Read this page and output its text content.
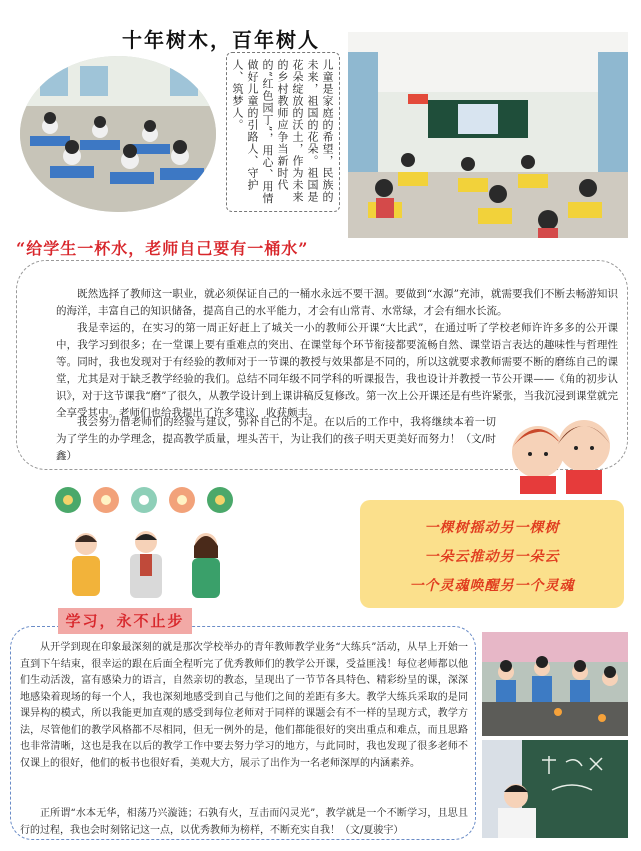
十年树木，百年树人
儿童是家庭的希望，民族的未来，祖国的花朵。祖国是花朵绽放的沃土，作为未来的乡村教师应争当新时代的“红色园丁”，用心、用情做好儿童的引路人、守护人、筑梦人。
“给学生一杯水，老师自己要有一桶水”

既然选择了教师这一职业，就必须保证自己的一桶水永远不要干涸。要做到“水源”充沛，就需要我们不断去畅游知识的海洋，丰富自己的知识储备，提高自己的水平能力，才会有山常青、水常绿，才会有细水长流。

我是幸运的，在实习的第一周正好赶上了城关一小的教师公开课“大比武”，在通过听了学校老师许许多多的公开课中，我学习到很多；在一堂课上要有重难点的突出、在课堂每个环节衔接都要流畅自然、课堂语言表达的趣味性与哲理性等。同时，我也发现对于有经验的教师对于一节课的教授与效果都是不同的，所以这就要求教师需要不断的磨练自己的课堂，尤其是对于缺乏教学经验的我们。总结不同年级不同学科的听课报告，我也设计并教授一节公开课——《角的初步认识》，对于这节课我“磨”了很久，从教学设计到上课讲稿反复修改。第一次上公开课还是有些许紧张，当我沉浸到课堂就完全享受其中。老师们也给我提出了许多建议，收获颇丰。

我会努力借老师们的经验与建议，弥补自己的不足。在以后的工作中，我将继续本着一切为了学生的办学理念，提高教学质量，埋头苦干，为让我们的孩子明天更美好而努力！（文/时鑫）

一棵树摇动另一棵树
一朵云推动另一朵云
一个灵魂唤醒另一个灵魂
学习，永不止步

从开学到现在印象最深刻的就是那次学校举办的青年教师教学业务“大练兵”活动，从早上开始一直到下午结束，很幸运的跟在后面全程听完了优秀教师们的教学公开课，受益匪浅！每位老师都以他们生动活泼，富有感染力的语言，自然亲切的教态，呈现出了一节节各具特色、精彩纷呈的课，深深地感染着现场的每一个人，我也深刻地感受到自己与他们之间的差距有多大。教学大练兵采取的是同课异构的模式，所以我能更加直观的感受到每位老师对于同样的课题会有不一样的呈现方式，教学方法，尽管他们的教学风格都不尽相同，但无一例外的是，他们都能很好的突出重点和难点，而且思路也非常清晰，这也是我在以后的教学工作中要去努力学习的地方，与此同时，我也发现了很多老师不仅课上的很好，他们的板书也很好看，美观大方，展示了出作为一名老师深厚的内涵素养。

正所谓“水本无华，相荡乃兴漩涟；石孰有火，互击而闪灵光”，教学就是一个不断学习，且思且行的过程，我也会时刻铭记这一点，以优秀教师为榜样，不断充实自我！（文/夏骏宇）
